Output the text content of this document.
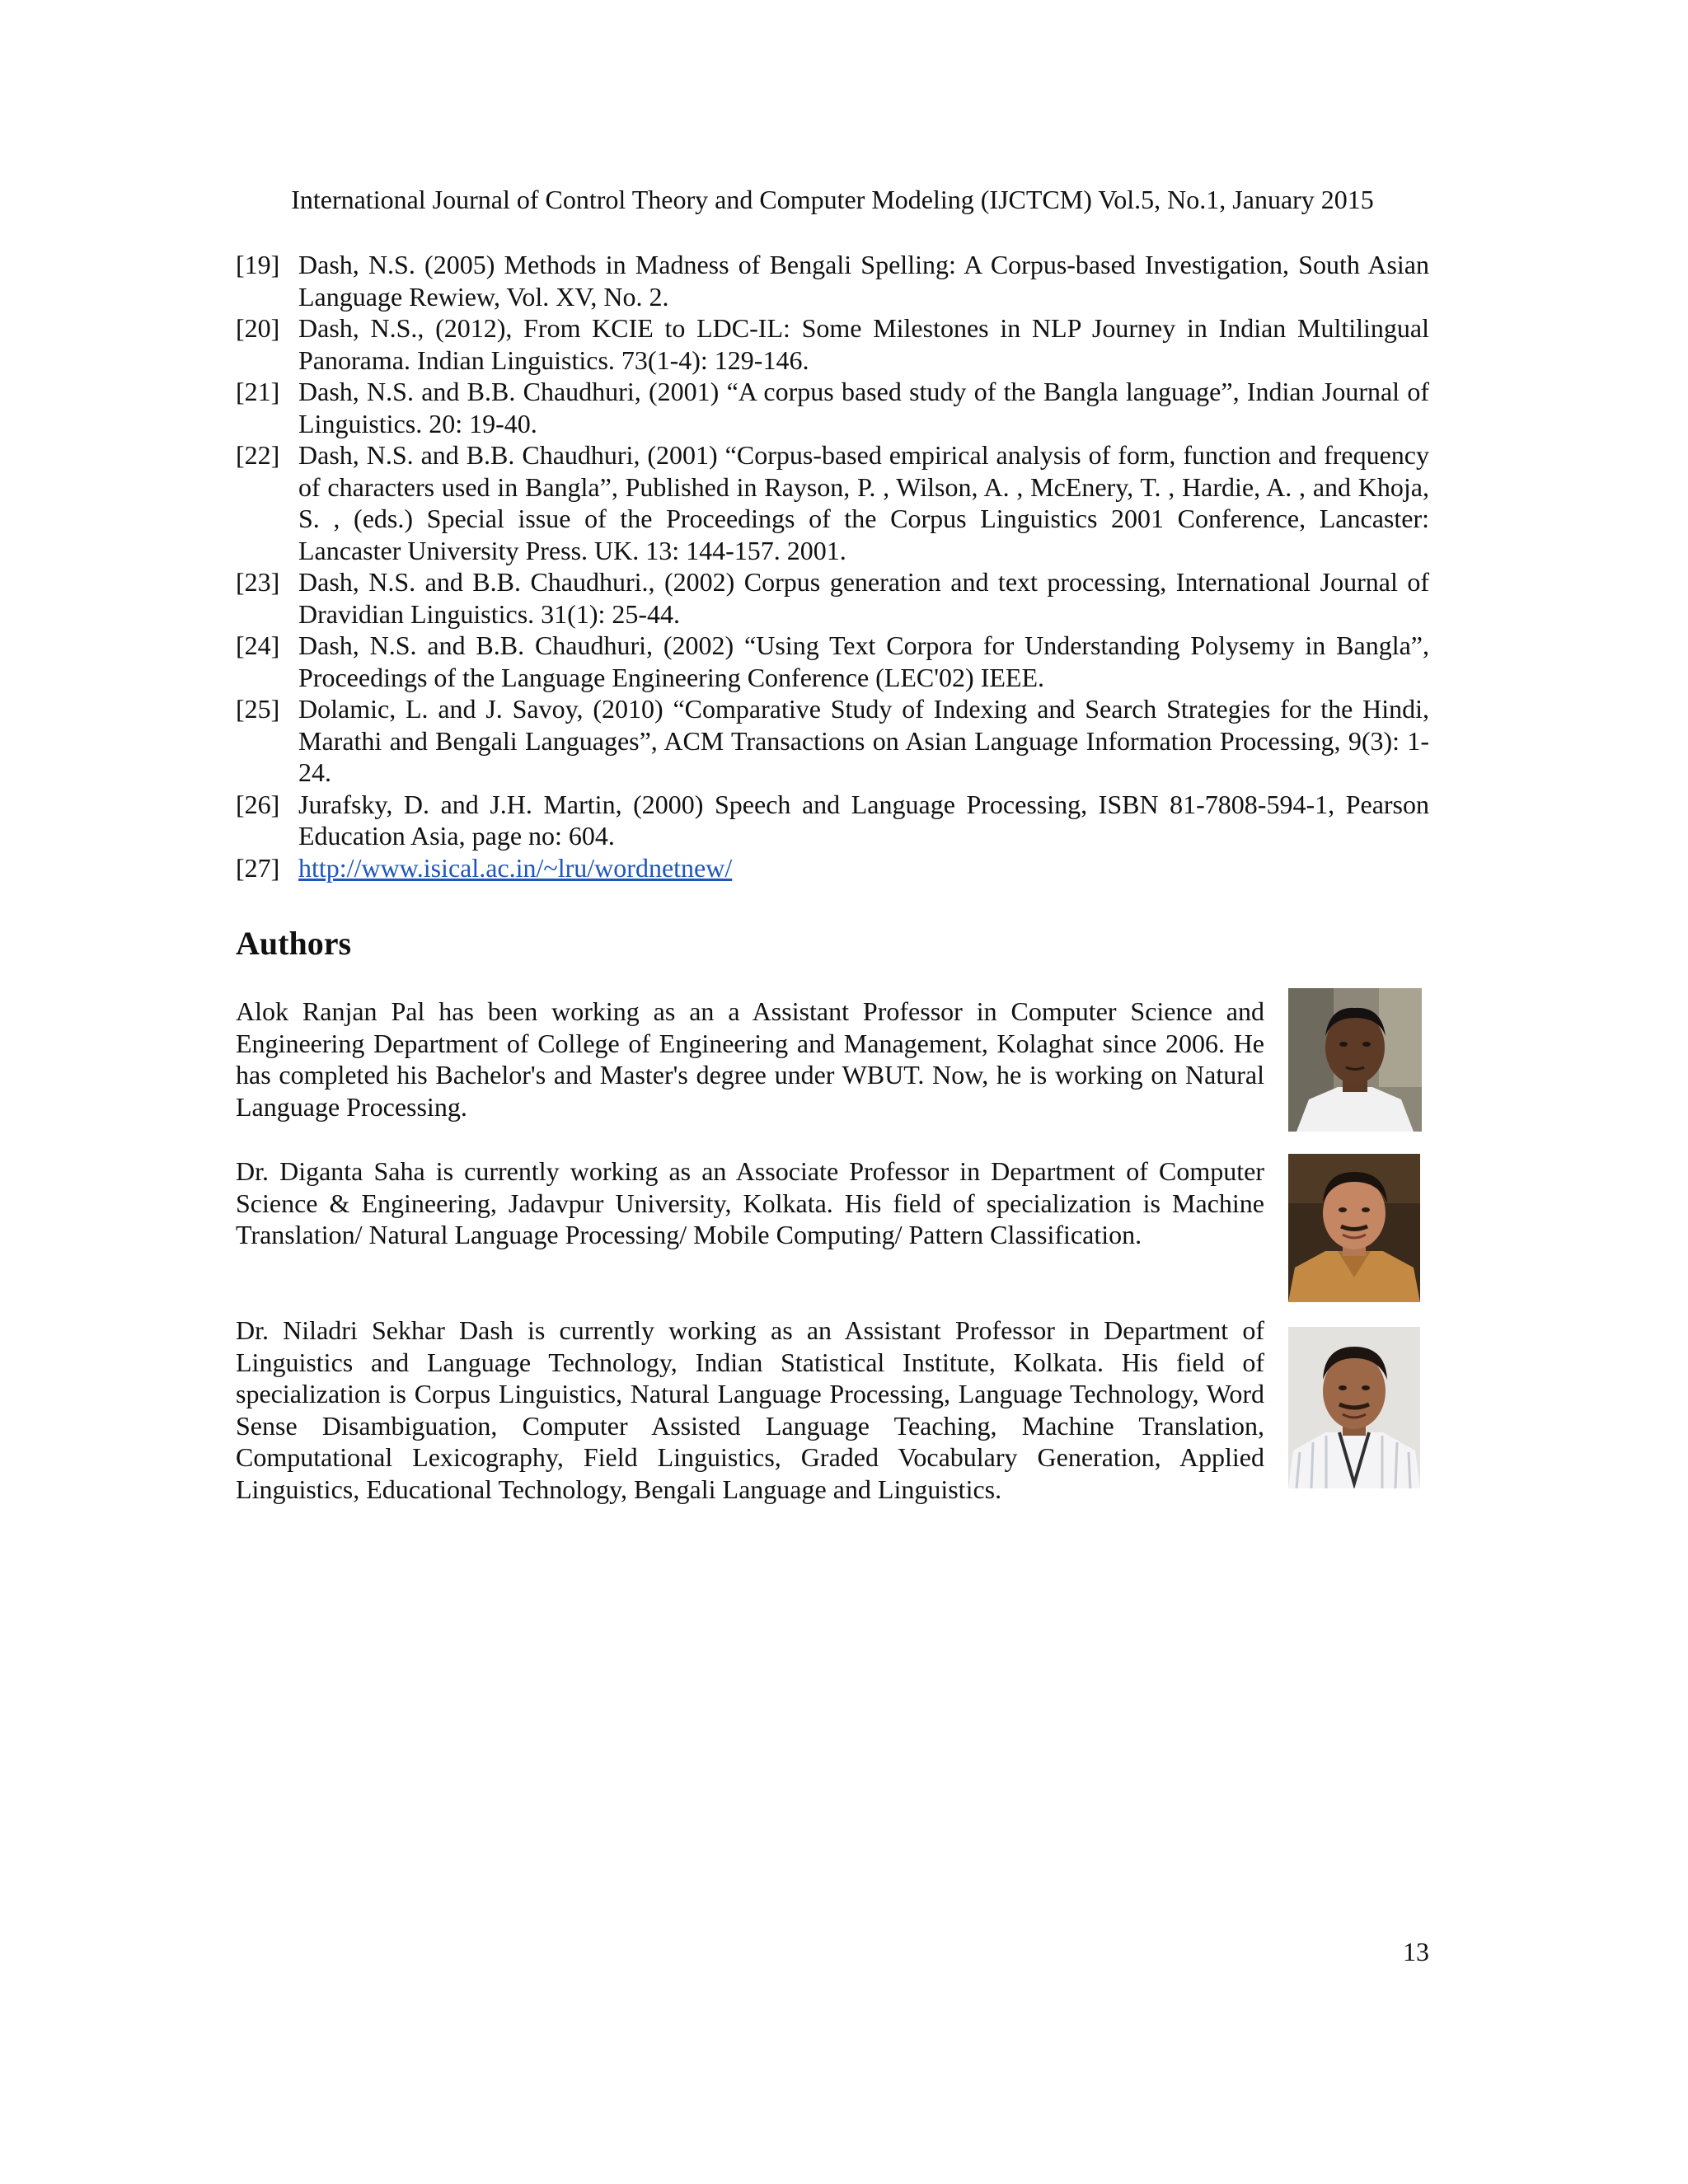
International Journal of Control Theory and Computer Modeling (IJCTCM) Vol.5, No.1, January 2015
[19] Dash, N.S. (2005) Methods in Madness of Bengali Spelling: A Corpus-based Investigation, South Asian Language Rewiew, Vol. XV, No. 2.
[20] Dash, N.S., (2012), From KCIE to LDC-IL: Some Milestones in NLP Journey in Indian Multilingual Panorama. Indian Linguistics. 73(1-4): 129-146.
[21] Dash, N.S. and B.B. Chaudhuri, (2001) “A corpus based study of the Bangla language”, Indian Journal of Linguistics. 20: 19-40.
[22] Dash, N.S. and B.B. Chaudhuri, (2001) “Corpus-based empirical analysis of form, function and frequency of characters used in Bangla”, Published in Rayson, P. , Wilson, A. , McEnery, T. , Hardie, A. , and Khoja, S. , (eds.) Special issue of the Proceedings of the Corpus Linguistics 2001 Conference, Lancaster: Lancaster University Press. UK. 13: 144-157. 2001.
[23] Dash, N.S. and B.B. Chaudhuri., (2002) Corpus generation and text processing, International Journal of Dravidian Linguistics. 31(1): 25-44.
[24] Dash, N.S. and B.B. Chaudhuri, (2002) “Using Text Corpora for Understanding Polysemy in Bangla”, Proceedings of the Language Engineering Conference (LEC'02) IEEE.
[25] Dolamic, L. and J. Savoy, (2010) “Comparative Study of Indexing and Search Strategies for the Hindi, Marathi and Bengali Languages”, ACM Transactions on Asian Language Information Processing, 9(3): 1-24.
[26] Jurafsky, D. and J.H. Martin, (2000) Speech and Language Processing, ISBN 81-7808-594-1, Pearson Education Asia, page no: 604.
[27] http://www.isical.ac.in/~lru/wordnetnew/
Authors

Alok Ranjan Pal has been working as an a Assistant Professor in Computer Science and Engineering Department of College of Engineering and Management, Kolaghat since 2006. He has completed his Bachelor's and Master's degree under WBUT. Now, he is working on Natural Language Processing.

Dr. Diganta Saha is currently working as an Associate Professor in Department of Computer Science & Engineering, Jadavpur University, Kolkata. His field of specialization is Machine Translation/ Natural Language Processing/ Mobile Computing/ Pattern Classification.

Dr. Niladri Sekhar Dash is currently working as an Assistant Professor in Department of Linguistics and Language Technology, Indian Statistical Institute, Kolkata. His field of specialization is Corpus Linguistics, Natural Language Processing, Language Technology, Word Sense Disambiguation, Computer Assisted Language Teaching, Machine Translation, Computational Lexicography, Field Linguistics, Graded Vocabulary Generation, Applied Linguistics, Educational Technology, Bengali Language and Linguistics.

13
